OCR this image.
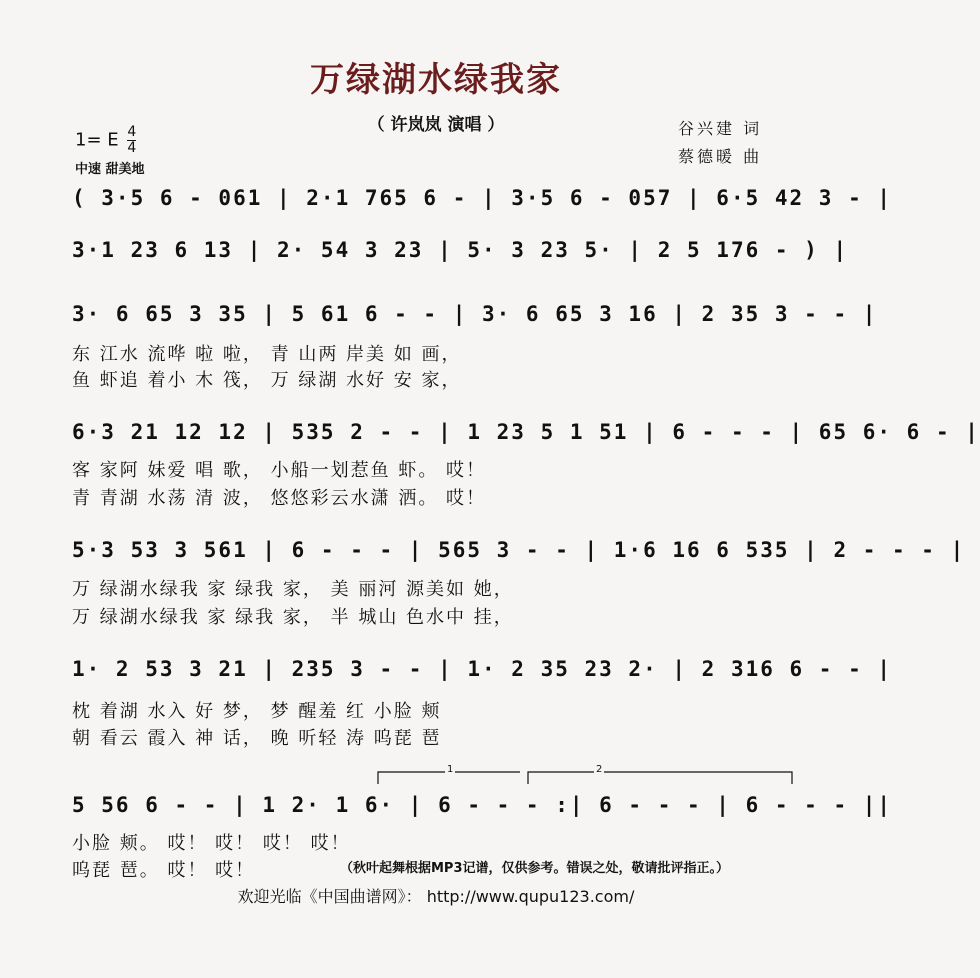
万绿湖水绿我家
（ 许岚岚 演唱 ）
1= E $\frac{4}{4}$
中速 甜美地
谷兴建 词
蔡德暖 曲
( 3·5 6 - 061 | 2·1 765 6 - | 3·5 6 - 057 | 6·5 42 3 - |
3·1 23 6 13 | 2· 54 3 23 | 5· 3 23 5· | 2 5 176 - ) |
3· 6 65 3 35 | 5 61 6 - - | 3· 6 65 3 16 | 2 35 3 - - |
东 江水 流哗 啦 啦， 青 山两 岸美 如 画，
鱼 虾追 着小 木 筏， 万 绿湖 水好 安 家，
6·3 21 12 12 | 535 2 - - | 1 23 5 1 51 | 6 - - - | 65 6· 6 - |
客 家阿 妹爱 唱 歌， 小船一划惹鱼 虾。 哎！
青 青湖 水荡 清 波， 悠悠彩云水潇 洒。 哎！
5·3 53 3 561 | 6 - - - | 565 3 - - | 1·6 16 6 535 | 2 - - - |
万 绿湖水绿我 家 绿我 家， 美 丽河 源美如 她，
万 绿湖水绿我 家 绿我 家， 半 城山 色水中 挂，
1· 2 53 3 21 | 235 3 - - | 1· 2 35 23 2· | 2 316 6 - - |
枕 着湖 水入 好 梦， 梦 醒羞 红 小脸 颊
朝 看云 霞入 神 话， 晚 听轻 涛 呜琵 琶
5 56 6 - - | 1 2· 1 6· | 6 - - - :| 6 - - - | 6 - - - ||
小脸 颊。 哎！ 哎！ 哎！ 哎！
呜琵 琶。 哎！ 哎！
1	2
（秋叶起舞根据MP3记谱，仅供参考。错误之处，敬请批评指正。）
欢迎光临《中国曲谱网》： http://www.qupu123.com/
